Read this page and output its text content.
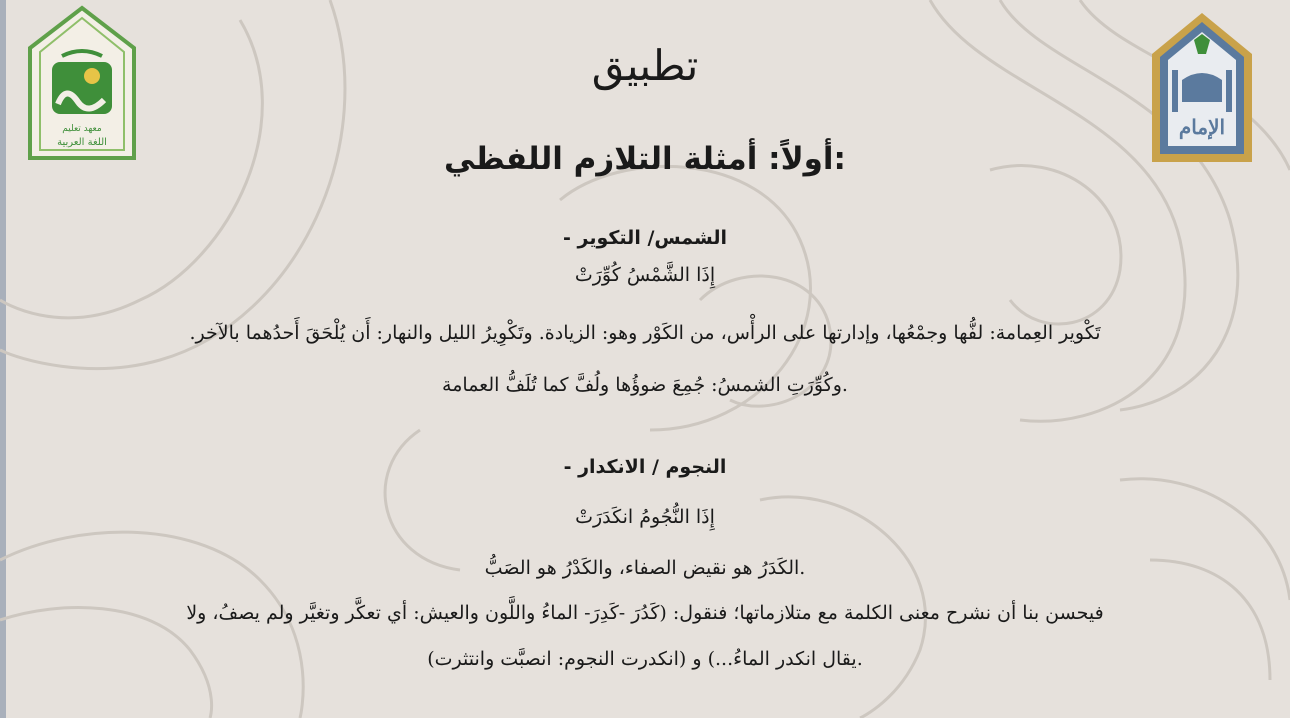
معهد تعليم
اللغة العربية
الإمام
تطبيق
:أولاً: أمثلة التلازم اللفظي
الشمس/ التكوير -
إِذَا الشَّمْسُ كُوِّرَتْ
تَكْوير العِمامة: لفُّها وجمْعُها، وإدارتها على الرأْس، من الكَوْر وهو: الزيادة. وتَكْوِيرُ الليل والنهار: أَن يُلْحَقَ أَحدُهما بالآخر.
.وكُوِّرَتِ الشمسُ: جُمِعَ ضوؤُها ولُفَّ كما تُلَفُّ العمامة
النجوم / الانكدار -
إِذَا النُّجُومُ انكَدَرَتْ
.الكَدَرُ هو نقيض الصفاء، والكَدْرُ هو الصَبُّ
فيحسن بنا أن نشرح معنى الكلمة مع متلازماتها؛ فنقول: (كَدُرَ -كَدِرَ- الماءُ واللَّون والعيش: أي تعكَّر وتغيَّر ولم يصفُ، ولا
.يقال انكدر الماءُ...) و (انكدرت النجوم: انصبَّت وانتثرت)
